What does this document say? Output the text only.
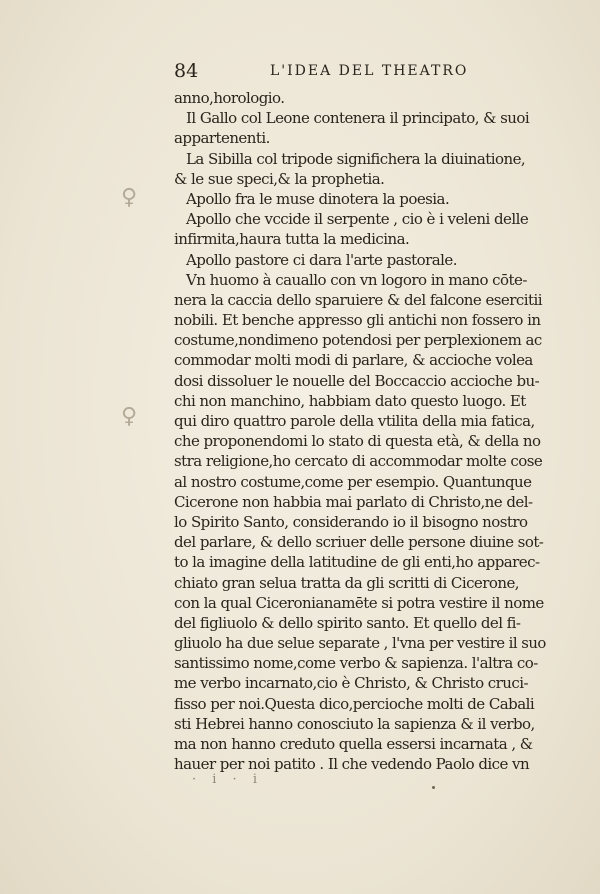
84	L'IDEA DEL THEATRO
anno,horologio.
Il Gallo col Leone contenera il principato, & suoi
appartenenti.
La Sibilla col tripode significhera la diuinatione,
& le sue speci,& la prophetia.
Apollo fra le muse dinotera la poesia.
Apollo che vccide il serpente , cio è i veleni delle
infirmita,haura tutta la medicina.
Apollo pastore ci dara l'arte pastorale.
Vn huomo à cauallo con vn logoro in mano cōte-
nera la caccia dello sparuiere & del falcone esercitii
nobili. Et benche appresso gli antichi non fossero in
costume,nondimeno potendosi per perplexionem ac
commodar molti modi di parlare, & accioche volea
dosi dissoluer le nouelle del Boccaccio accioche bu-
chi non manchino, habbiam dato questo luogo. Et
qui diro quattro parole della vtilita della mia fatica,
che proponendomi lo stato di questa età, & della no
stra religione,ho cercato di accommodar molte cose
al nostro costume,come per esempio. Quantunque
Cicerone non habbia mai parlato di Christo,ne del-
lo Spirito Santo, considerando io il bisogno nostro
del parlare, & dello scriuer delle persone diuine sot-
to la imagine della latitudine de gli enti,ho apparec-
chiato gran selua tratta da gli scritti di Cicerone,
con la qual Ciceronianamēte si potra vestire il nome
del figliuolo & dello spirito santo. Et quello del fi-
gliuolo ha due selue separate , l'vna per vestire il suo
santissimo nome,come verbo & sapienza. l'altra co-
me verbo incarnato,cio è Christo, & Christo cruci-
fisso per noi.Questa dico,percioche molti de Cabali
sti Hebrei hanno conosciuto la sapienza & il verbo,
ma non hanno creduto quella essersi incarnata , &
hauer per noi patito . Il che vedendo Paolo dice vn
♀
♀
· i · i
